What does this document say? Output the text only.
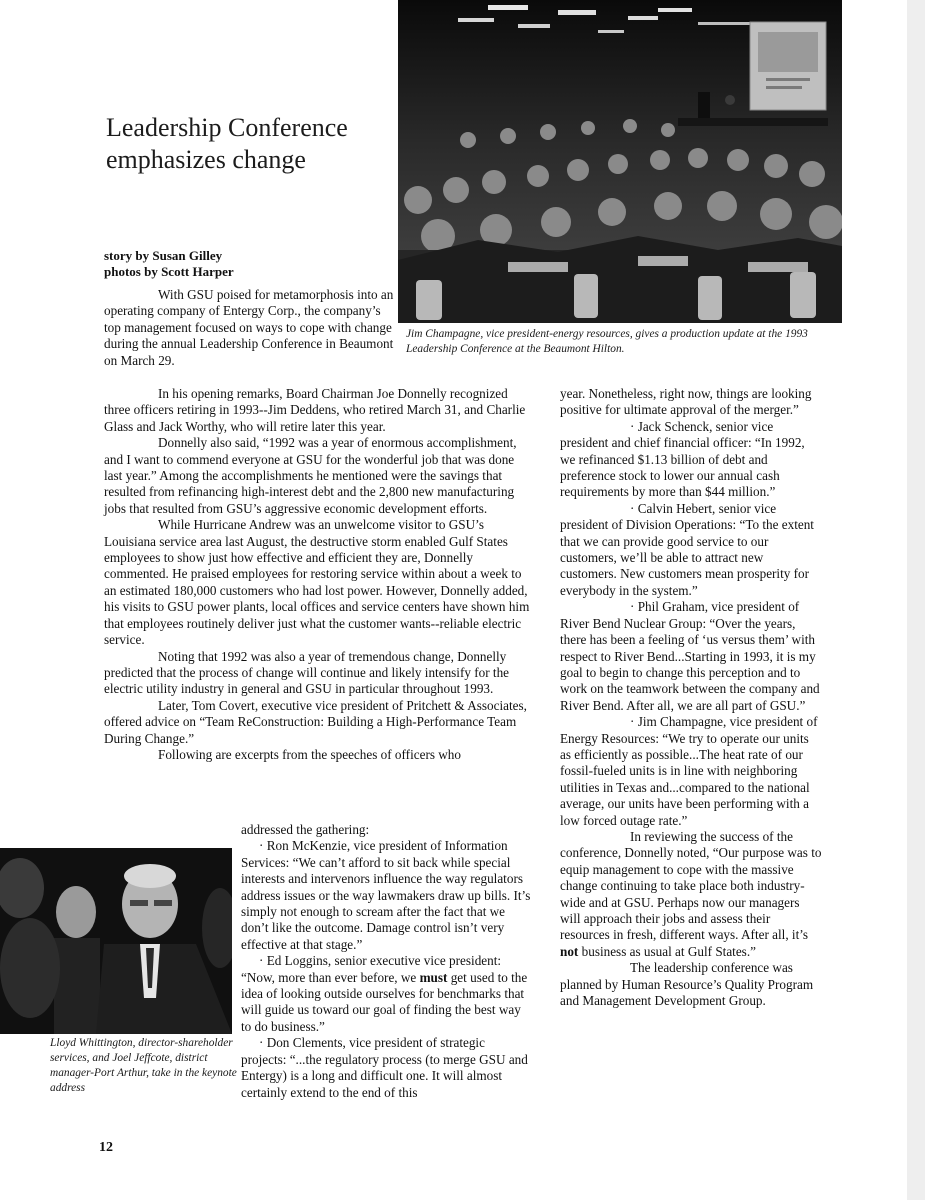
Jim Champagne, vice president-energy resources, gives a production update at the 1993 Leadership Conference at the Beaumont Hilton.
Leadership Conference emphasizes change
story by Susan Gilley
photos by Scott Harper

With GSU poised for metamorphosis into an operating company of Entergy Corp., the company’s top management focused on ways to cope with change during the annual Leadership Conference in Beaumont on March 29.

In his opening remarks, Board Chairman Joe Donnelly recognized three officers retiring in 1993--Jim Deddens, who retired March 31, and Charlie Glass and Jack Worthy, who will retire later this year.

Donnelly also said, “1992 was a year of enormous accomplishment, and I want to commend everyone at GSU for the wonderful job that was done last year.” Among the accomplishments he mentioned were the savings that resulted from refinancing high-interest debt and the 2,800 new manufacturing jobs that resulted from GSU’s aggressive economic development efforts.

While Hurricane Andrew was an unwelcome visitor to GSU’s Louisiana service area last August, the destructive storm enabled Gulf States employees to show just how effective and efficient they are, Donnelly commented. He praised employees for restoring service within about a week to an estimated 180,000 customers who had lost power. However, Donnelly added, his visits to GSU power plants, local offices and service centers have shown him that employees routinely deliver just what the customer wants--reliable electric service.

Noting that 1992 was also a year of tremendous change, Donnelly predicted that the process of change will continue and likely intensify for the electric utility industry in general and GSU in particular throughout 1993.

Later, Tom Covert, executive vice president of Pritchett & Associates, offered advice on “Team ReConstruction: Building a High-Performance Team During Change.”

Following are excerpts from the speeches of officers who

Lloyd Whittington, director-shareholder services, and Joel Jeffcote, district manager-Port Arthur, take in the keynote address

addressed the gathering:

· Ron McKenzie, vice president of Information Services: “We can’t afford to sit back while special interests and intervenors influence the way regulators address issues or the way lawmakers draw up bills. It’s simply not enough to scream after the fact that we don’t like the outcome. Damage control isn’t very effective at that stage.”

· Ed Loggins, senior executive vice president: “Now, more than ever before, we must get used to the idea of looking outside ourselves for benchmarks that will guide us toward our goal of finding the best way to do business.”

· Don Clements, vice president of strategic projects: “...the regulatory process (to merge GSU and Entergy) is a long and difficult one. It will almost certainly extend to the end of this

year. Nonetheless, right now, things are looking positive for ultimate approval of the merger.”

· Jack Schenck, senior vice president and chief financial officer: “In 1992, we refinanced $1.13 billion of debt and preference stock to lower our annual cash requirements by more than $44 million.”

· Calvin Hebert, senior vice president of Division Operations: “To the extent that we can provide good service to our customers, we’ll be able to attract new customers. New customers mean prosperity for everybody in the system.”

· Phil Graham, vice president of River Bend Nuclear Group: “Over the years, there has been a feeling of ‘us versus them’ with respect to River Bend...Starting in 1993, it is my goal to begin to change this perception and to work on the teamwork between the company and River Bend. After all, we are all part of GSU.”

· Jim Champagne, vice president of Energy Resources: “We try to operate our units as efficiently as possible...The heat rate of our fossil-fueled units is in line with neighboring utilities in Texas and...compared to the national average, our units have been performing with a low forced outage rate.”

In reviewing the success of the conference, Donnelly noted, “Our purpose was to equip management to cope with the massive change continuing to take place both industry-wide and at GSU. Perhaps now our managers will approach their jobs and assess their resources in fresh, different ways. After all, it’s not business as usual at Gulf States.”

The leadership conference was planned by Human Resource’s Quality Program and Management Development Group.

12
